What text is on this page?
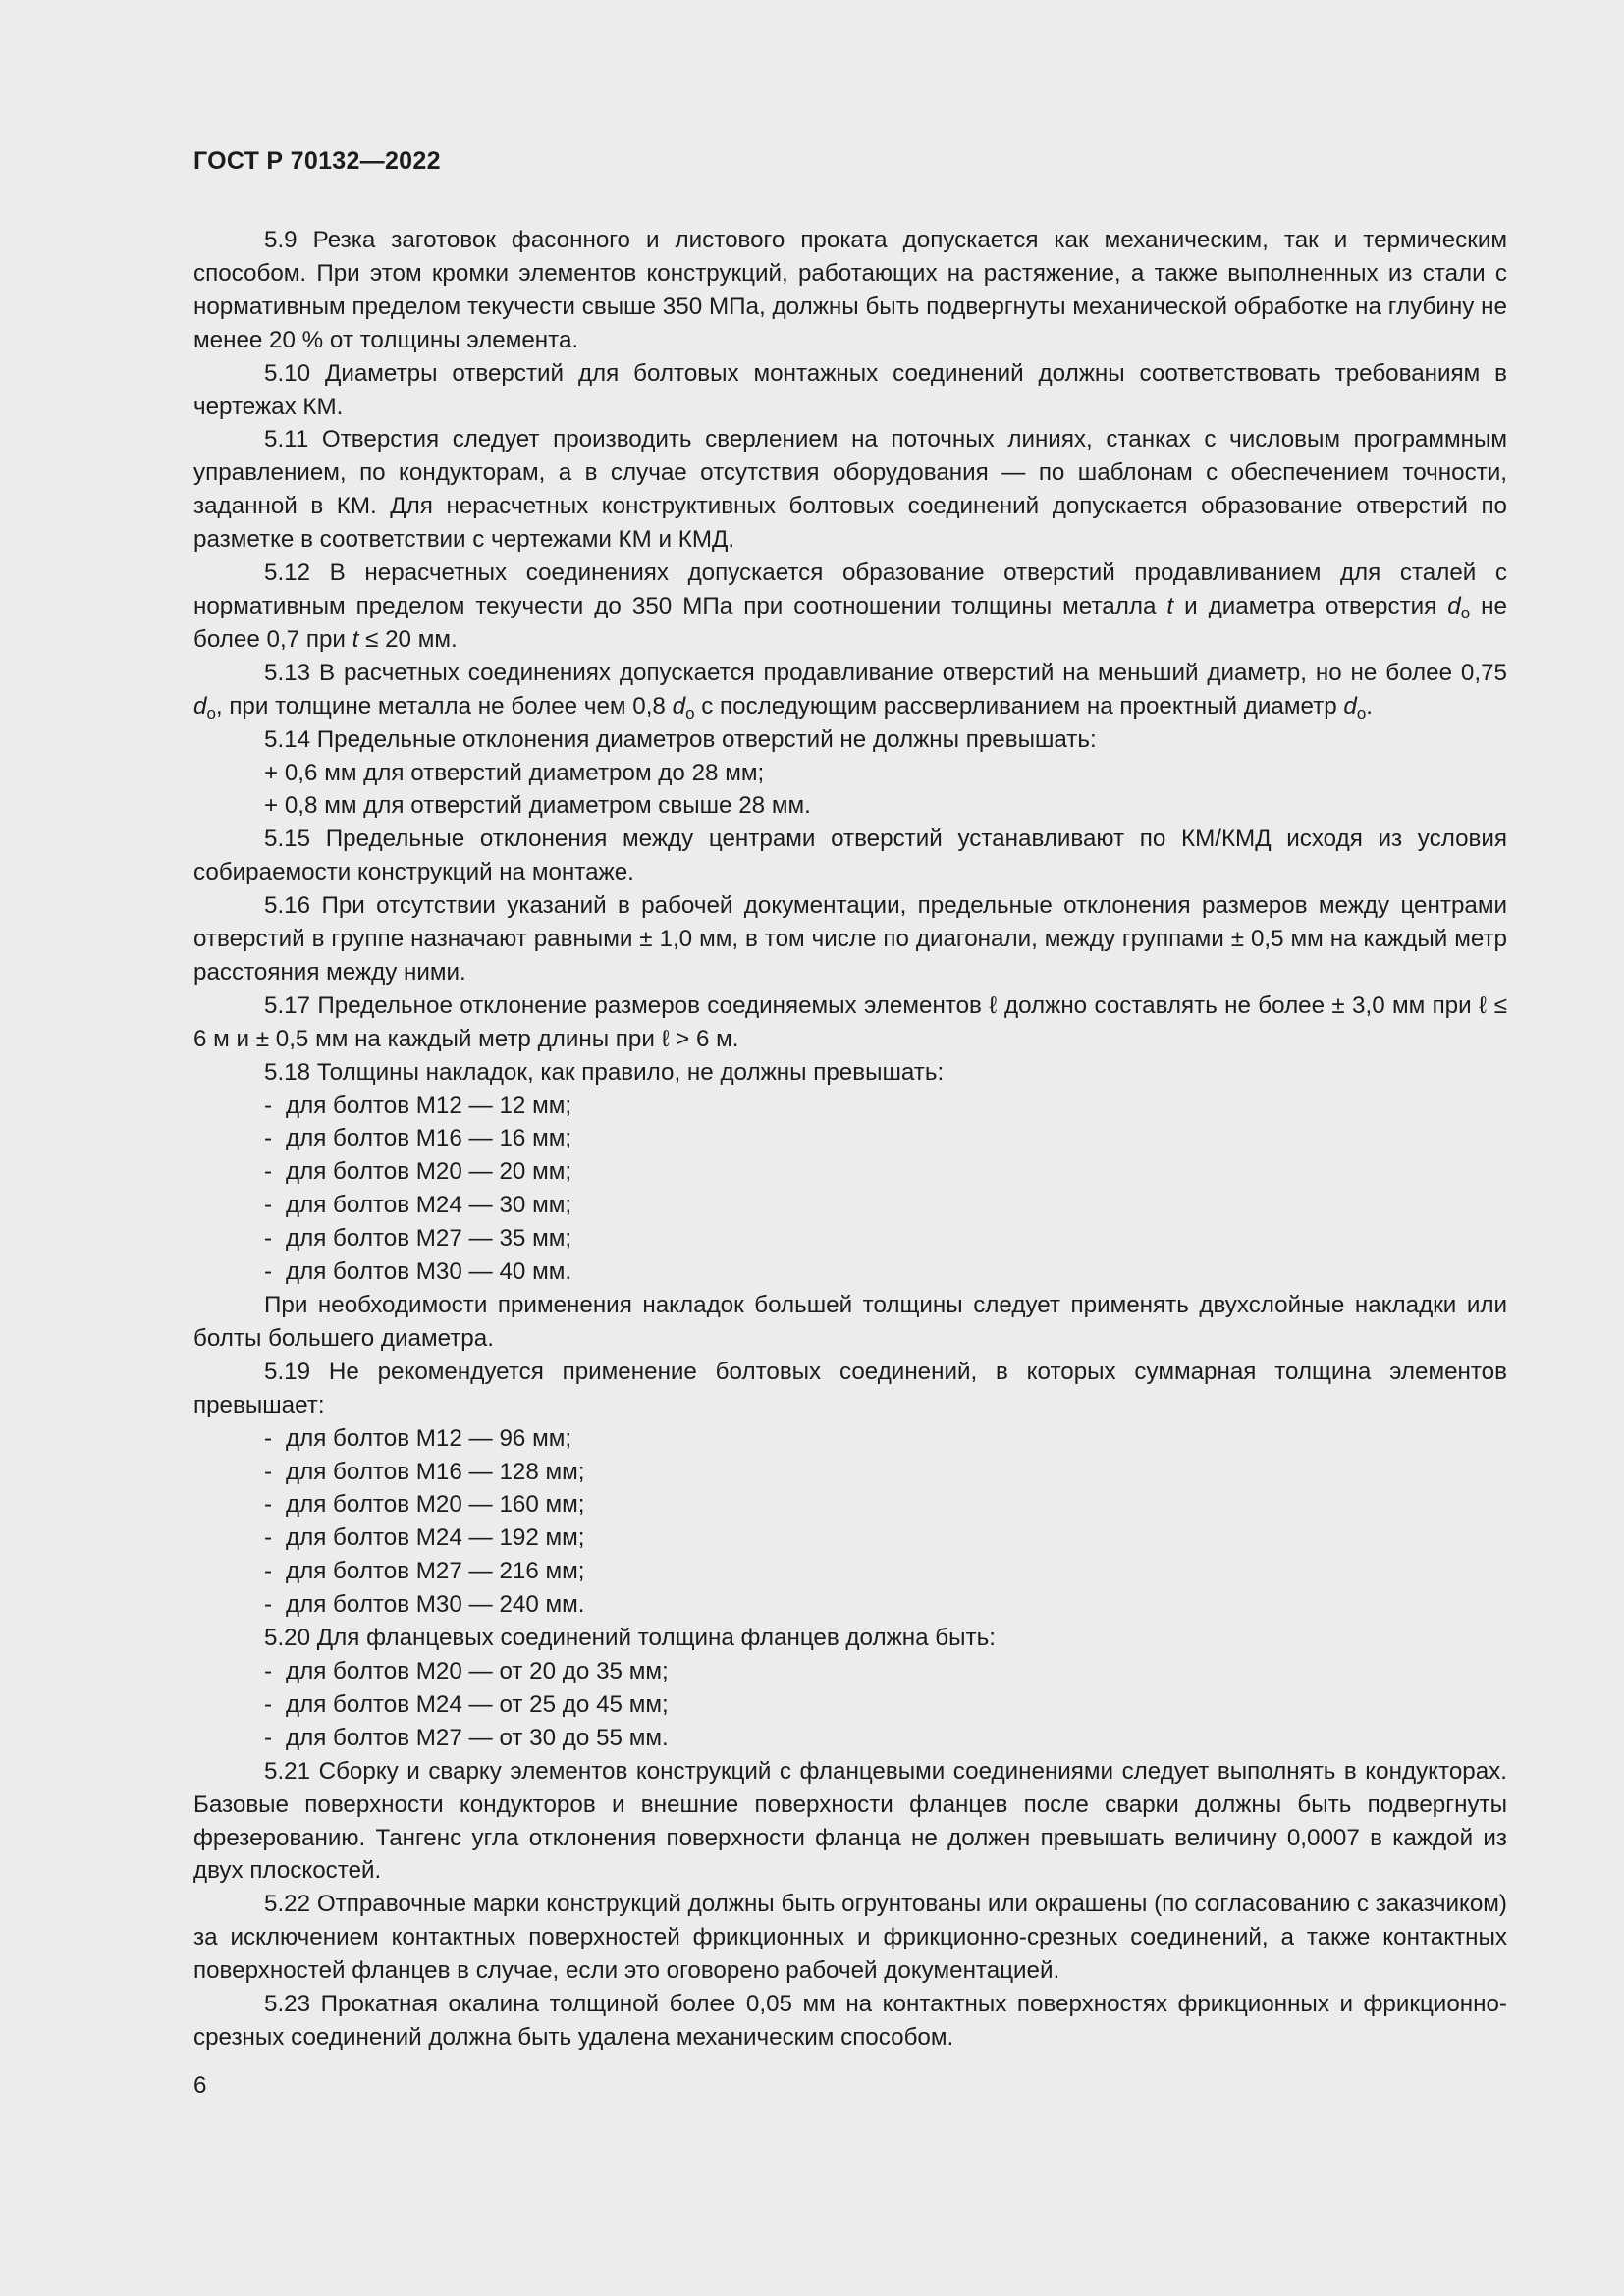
ГОСТ Р 70132—2022

5.9 Резка заготовок фасонного и листового проката допускается как механическим, так и термическим способом. При этом кромки элементов конструкций, работающих на растяжение, а также выполненных из стали с нормативным пределом текучести свыше 350 МПа, должны быть подвергнуты механической обработке на глубину не менее 20 % от толщины элемента.

5.10 Диаметры отверстий для болтовых монтажных соединений должны соответствовать требованиям в чертежах КМ.

5.11 Отверстия следует производить сверлением на поточных линиях, станках с числовым программным управлением, по кондукторам, а в случае отсутствия оборудования — по шаблонам с обеспечением точности, заданной в КМ. Для нерасчетных конструктивных болтовых соединений допускается образование отверстий по разметке в соответствии с чертежами КМ и КМД.

5.12 В нерасчетных соединениях допускается образование отверстий продавливанием для сталей с нормативным пределом текучести до 350 МПа при соотношении толщины металла t и диаметра отверстия $d_o$ не более 0,7 при t ≤ 20 мм.

5.13 В расчетных соединениях допускается продавливание отверстий на меньший диаметр, но не более 0,75 $d_o$, при толщине металла не более чем 0,8 $d_o$ с последующим рассверливанием на проектный диаметр $d_o$.

5.14 Предельные отклонения диаметров отверстий не должны превышать:

+ 0,6 мм для отверстий диаметром до 28 мм;

+ 0,8 мм для отверстий диаметром свыше 28 мм.

5.15 Предельные отклонения между центрами отверстий устанавливают по КМ/КМД исходя из условия собираемости конструкций на монтаже.

5.16 При отсутствии указаний в рабочей документации, предельные отклонения размеров между центрами отверстий в группе назначают равными ± 1,0 мм, в том числе по диагонали, между группами ± 0,5 мм на каждый метр расстояния между ними.

5.17 Предельное отклонение размеров соединяемых элементов ℓ должно составлять не более ± 3,0 мм при ℓ ≤ 6 м и ± 0,5 мм на каждый метр длины при ℓ > 6 м.

5.18 Толщины накладок, как правило, не должны превышать:

- для болтов М12 — 12 мм;

- для болтов М16 — 16 мм;

- для болтов М20 — 20 мм;

- для болтов М24 — 30 мм;

- для болтов М27 — 35 мм;

- для болтов М30 — 40 мм.

При необходимости применения накладок большей толщины следует применять двухслойные накладки или болты большего диаметра.

5.19 Не рекомендуется применение болтовых соединений, в которых суммарная толщина элементов превышает:

- для болтов М12 — 96 мм;

- для болтов М16 — 128 мм;

- для болтов М20 — 160 мм;

- для болтов М24 — 192 мм;

- для болтов М27 — 216 мм;

- для болтов М30 — 240 мм.

5.20 Для фланцевых соединений толщина фланцев должна быть:

- для болтов М20 — от 20 до 35 мм;

- для болтов М24 — от 25 до 45 мм;

- для болтов М27 — от 30 до 55 мм.

5.21 Сборку и сварку элементов конструкций с фланцевыми соединениями следует выполнять в кондукторах. Базовые поверхности кондукторов и внешние поверхности фланцев после сварки должны быть подвергнуты фрезерованию. Тангенс угла отклонения поверхности фланца не должен превышать величину 0,0007 в каждой из двух плоскостей.

5.22 Отправочные марки конструкций должны быть огрунтованы или окрашены (по согласованию с заказчиком) за исключением контактных поверхностей фрикционных и фрикционно-срезных соединений, а также контактных поверхностей фланцев в случае, если это оговорено рабочей документацией.

5.23 Прокатная окалина толщиной более 0,05 мм на контактных поверхностях фрикционных и фрикционно-срезных соединений должна быть удалена механическим способом.

6
